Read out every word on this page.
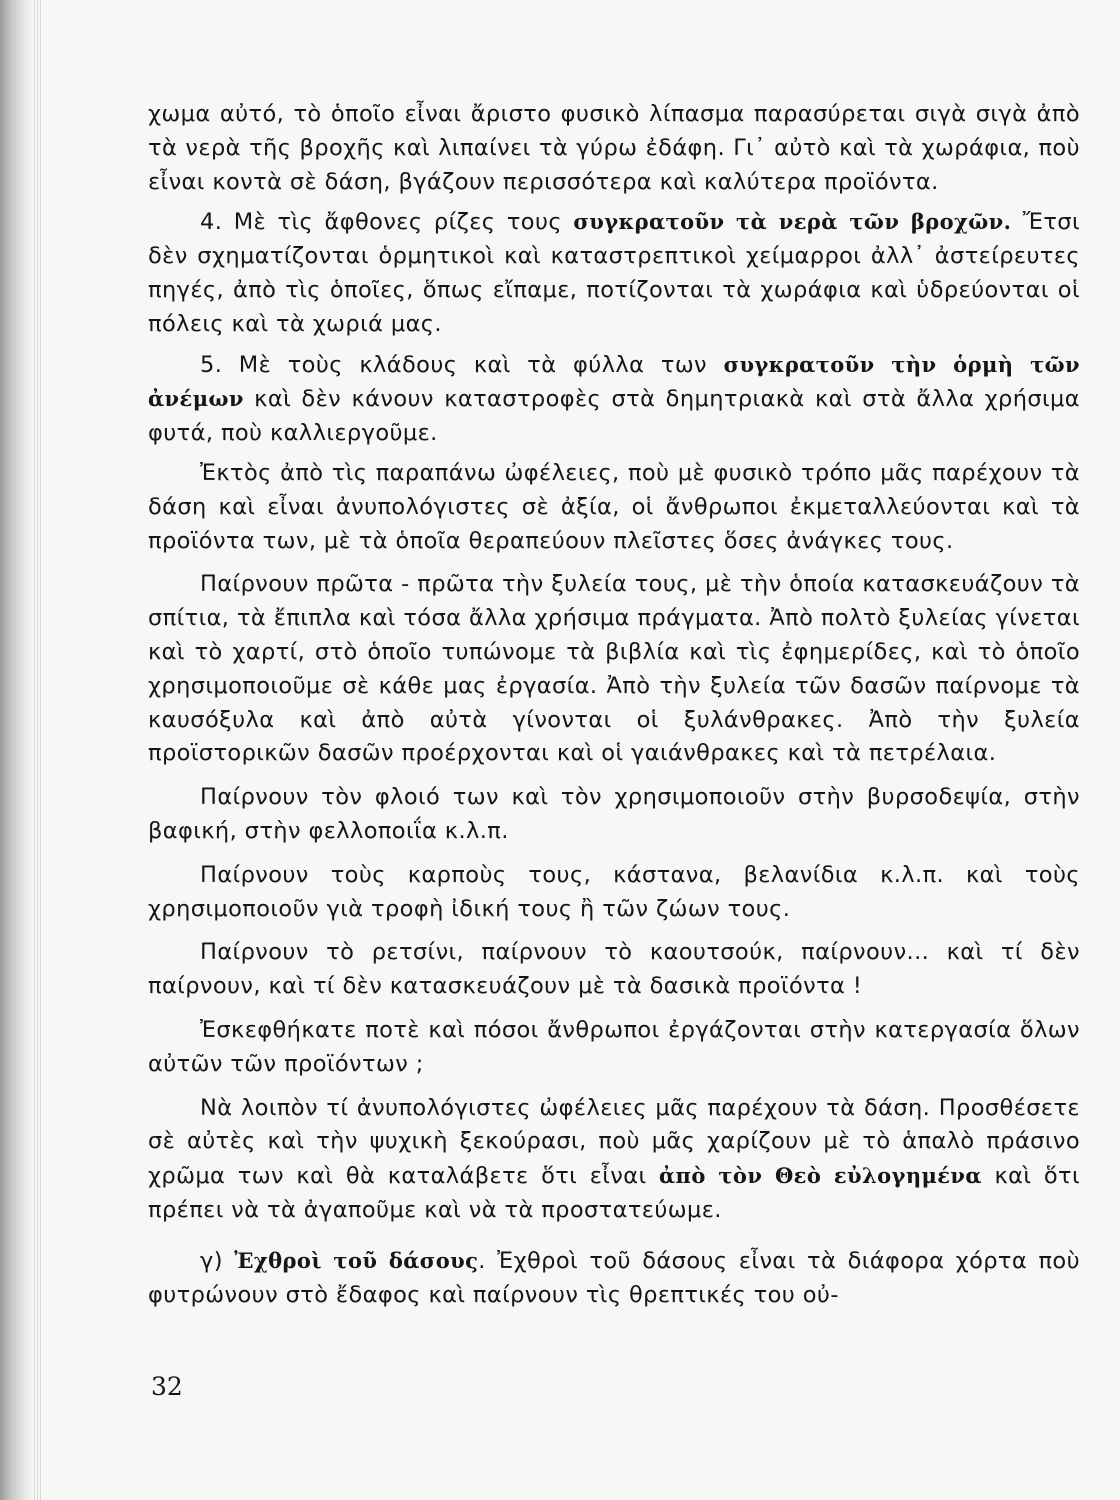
χωμα αὐτό, τὸ ὁποῖο εἶναι ἄριστο φυσικὸ λίπασμα παρασύρεται σιγὰ σιγὰ ἀπὸ τὰ νερὰ τῆς βροχῆς καὶ λιπαίνει τὰ γύρω ἐδάφη. Γι᾿ αὐτὸ καὶ τὰ χωράφια, ποὺ εἶναι κοντὰ σὲ δάση, βγάζουν περισσότερα καὶ καλύτερα προϊόντα.

4. Μὲ τὶς ἄφθονες ρίζες τους συγκρατοῦν τὰ νερὰ τῶν βροχῶν. Ἔτσι δὲν σχηματίζονται ὁρμητικοὶ καὶ καταστρεπτικοὶ χείμαρροι ἀλλ᾿ ἀστείρευτες πηγές, ἀπὸ τὶς ὁποῖες, ὅπως εἴπαμε, ποτίζονται τὰ χωράφια καὶ ὑδρεύονται οἱ πόλεις καὶ τὰ χωριά μας.

5. Μὲ τοὺς κλάδους καὶ τὰ φύλλα των συγκρατοῦν τὴν ὁρμὴ τῶν ἀνέμων καὶ δὲν κάνουν καταστροφὲς στὰ δημητριακὰ καὶ στὰ ἄλλα χρήσιμα φυτά, ποὺ καλλιεργοῦμε.

Ἐκτὸς ἀπὸ τὶς παραπάνω ὠφέλειες, ποὺ μὲ φυσικὸ τρόπο μᾶς παρέχουν τὰ δάση καὶ εἶναι ἀνυπολόγιστες σὲ ἀξία, οἱ ἄνθρωποι ἐκμεταλλεύονται καὶ τὰ προϊόντα των, μὲ τὰ ὁποῖα θεραπεύουν πλεῖστες ὅσες ἀνάγκες τους.

Παίρνουν πρῶτα - πρῶτα τὴν ξυλεία τους, μὲ τὴν ὁποία κατασκευάζουν τὰ σπίτια, τὰ ἔπιπλα καὶ τόσα ἄλλα χρήσιμα πράγματα. Ἀπὸ πολτὸ ξυλείας γίνεται καὶ τὸ χαρτί, στὸ ὁποῖο τυπώνομε τὰ βιβλία καὶ τὶς ἐφημερίδες, καὶ τὸ ὁποῖο χρησιμοποιοῦμε σὲ κάθε μας ἐργασία. Ἀπὸ τὴν ξυλεία τῶν δασῶν παίρνομε τὰ καυσόξυλα καὶ ἀπὸ αὐτὰ γίνονται οἱ ξυλάνθρακες. Ἀπὸ τὴν ξυλεία προϊστορικῶν δασῶν προέρχονται καὶ οἱ γαιάνθρακες καὶ τὰ πετρέλαια.

Παίρνουν τὸν φλοιό των καὶ τὸν χρησιμοποιοῦν στὴν βυρσοδεψία, στὴν βαφική, στὴν φελλοποιΐα κ.λ.π.

Παίρνουν τοὺς καρποὺς τους, κάστανα, βελανίδια κ.λ.π. καὶ τοὺς χρησιμοποιοῦν γιὰ τροφὴ ἰδική τους ἢ τῶν ζώων τους.

Παίρνουν τὸ ρετσίνι, παίρνουν τὸ καουτσούκ, παίρνουν... καὶ τί δὲν παίρνουν, καὶ τί δὲν κατασκευάζουν μὲ τὰ δασικὰ προϊόντα !

Ἐσκεφθήκατε ποτὲ καὶ πόσοι ἄνθρωποι ἐργάζονται στὴν κατεργασία ὅλων αὐτῶν τῶν προϊόντων ;

Νὰ λοιπὸν τί ἀνυπολόγιστες ὠφέλειες μᾶς παρέχουν τὰ δάση. Προσθέσετε σὲ αὐτὲς καὶ τὴν ψυχικὴ ξεκούρασι, ποὺ μᾶς χαρίζουν μὲ τὸ ἁπαλὸ πράσινο χρῶμα των καὶ θὰ καταλάβετε ὅτι εἶναι ἀπὸ τὸν Θεὸ εὐλογημένα καὶ ὅτι πρέπει νὰ τὰ ἀγαποῦμε καὶ νὰ τὰ προστατεύωμε.

γ) Ἐχθροὶ τοῦ δάσους. Ἐχθροὶ τοῦ δάσους εἶναι τὰ διάφορα χόρτα ποὺ φυτρώνουν στὸ ἔδαφος καὶ παίρνουν τὶς θρεπτικές του οὐ-

32
